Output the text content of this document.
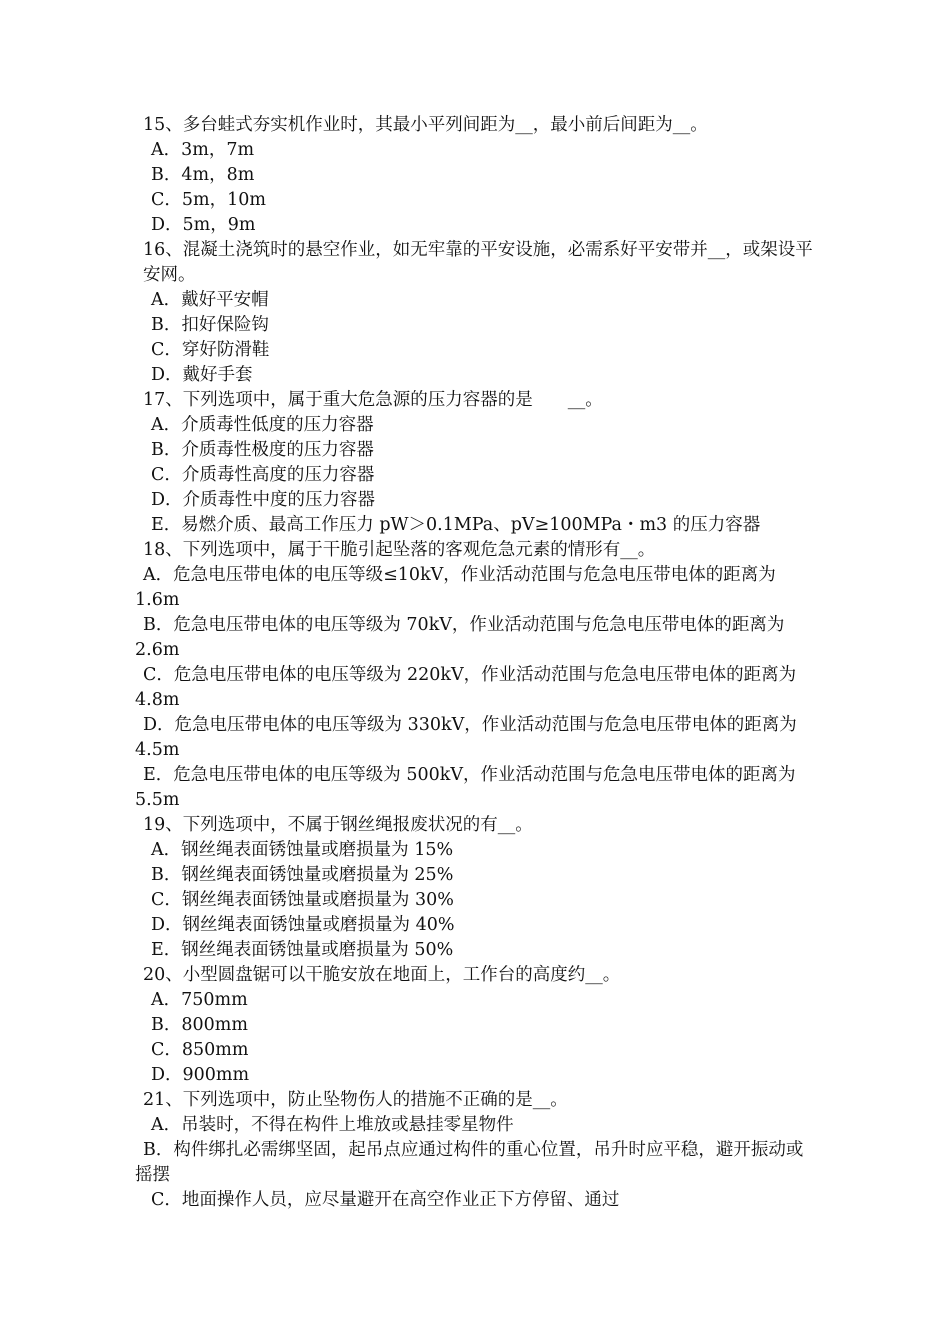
15、多台蛙式夯实机作业时，其最小平列间距为__，最小前后间距为__。
A．3m，7m
B．4m，8m
C．5m，10m
D．5m，9m
16、混凝土浇筑时的悬空作业，如无牢靠的平安设施，必需系好平安带并__，或架设平安网。
A．戴好平安帽
B．扣好保险钩
C．穿好防滑鞋
D．戴好手套
17、下列选项中，属于重大危急源的压力容器的是　　__。
A．介质毒性低度的压力容器
B．介质毒性极度的压力容器
C．介质毒性高度的压力容器
D．介质毒性中度的压力容器
E．易燃介质、最高工作压力 pW＞0.1MPa、pV≥100MPa・m3 的压力容器
18、下列选项中，属于干脆引起坠落的客观危急元素的情形有__。
A．危急电压带电体的电压等级≤10kV，作业活动范围与危急电压带电体的距离为 1.6m
B．危急电压带电体的电压等级为 70kV，作业活动范围与危急电压带电体的距离为 2.6m
C．危急电压带电体的电压等级为 220kV，作业活动范围与危急电压带电体的距离为 4.8m
D．危急电压带电体的电压等级为 330kV，作业活动范围与危急电压带电体的距离为 4.5m
E．危急电压带电体的电压等级为 500kV，作业活动范围与危急电压带电体的距离为 5.5m
19、下列选项中，不属于钢丝绳报废状况的有__。
A．钢丝绳表面锈蚀量或磨损量为 15%
B．钢丝绳表面锈蚀量或磨损量为 25%
C．钢丝绳表面锈蚀量或磨损量为 30%
D．钢丝绳表面锈蚀量或磨损量为 40%
E．钢丝绳表面锈蚀量或磨损量为 50%
20、小型圆盘锯可以干脆安放在地面上，工作台的高度约__。
A．750mm
B．800mm
C．850mm
D．900mm
21、下列选项中，防止坠物伤人的措施不正确的是__。
A．吊装时，不得在构件上堆放或悬挂零星物件
B．构件绑扎必需绑坚固，起吊点应通过构件的重心位置，吊升时应平稳，避开振动或摇摆
C．地面操作人员，应尽量避开在高空作业正下方停留、通过
